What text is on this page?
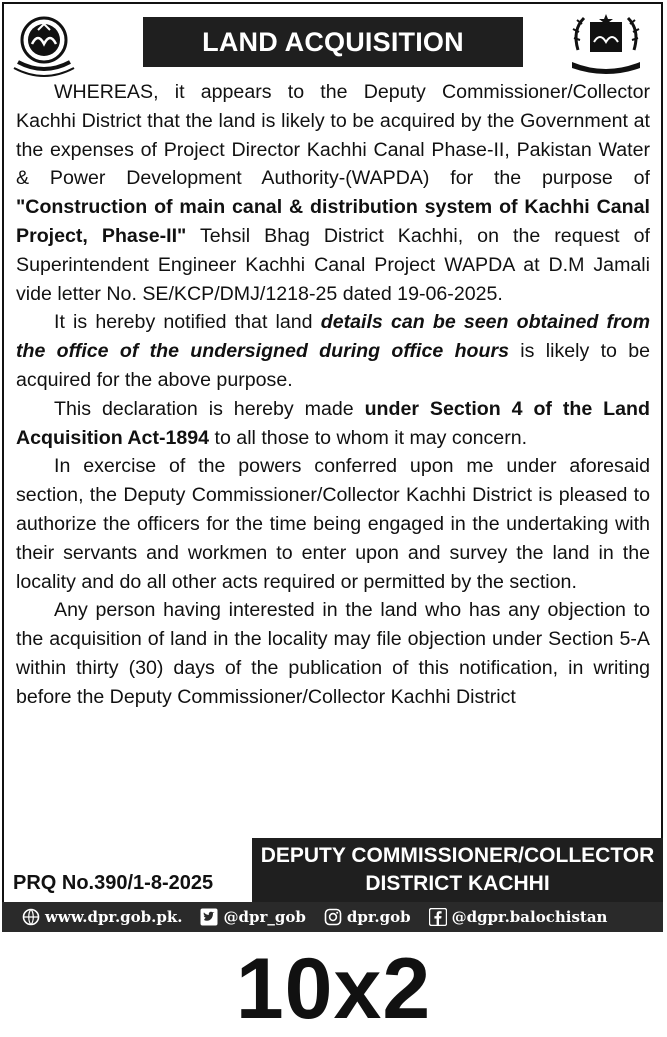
LAND ACQUISITION

WHEREAS, it appears to the Deputy Commissioner/Collector Kachhi District that the land is likely to be acquired by the Government at the expenses of Project Director Kachhi Canal Phase-II, Pakistan Water & Power Development Authority-(WAPDA) for the purpose of "Construction of main canal & distribution system of Kachhi Canal Project, Phase-II" Tehsil Bhag District Kachhi, on the request of Superintendent Engineer Kachhi Canal Project WAPDA at D.M Jamali vide letter No. SE/KCP/DMJ/1218-25 dated 19-06-2025.

It is hereby notified that land details can be seen obtained from the office of the undersigned during office hours is likely to be acquired for the above purpose.

This declaration is hereby made under Section 4 of the Land Acquisition Act-1894 to all those to whom it may concern.

In exercise of the powers conferred upon me under aforesaid section, the Deputy Commissioner/Collector Kachhi District is pleased to authorize the officers for the time being engaged in the undertaking with their servants and workmen to enter upon and survey the land in the locality and do all other acts required or permitted by the section.

Any person having interested in the land who has any objection to the acquisition of land in the locality may file objection under Section 5-A within thirty (30) days of the publication of this notification, in writing before the Deputy Commissioner/Collector Kachhi District

DEPUTY COMMISSIONER/COLLECTOR
DISTRICT KACHHI
PRQ No.390/1-8-2025
www.dpr.gob.pk.	@dpr_gob	dpr.gob	@dgpr.balochistan
10x2
